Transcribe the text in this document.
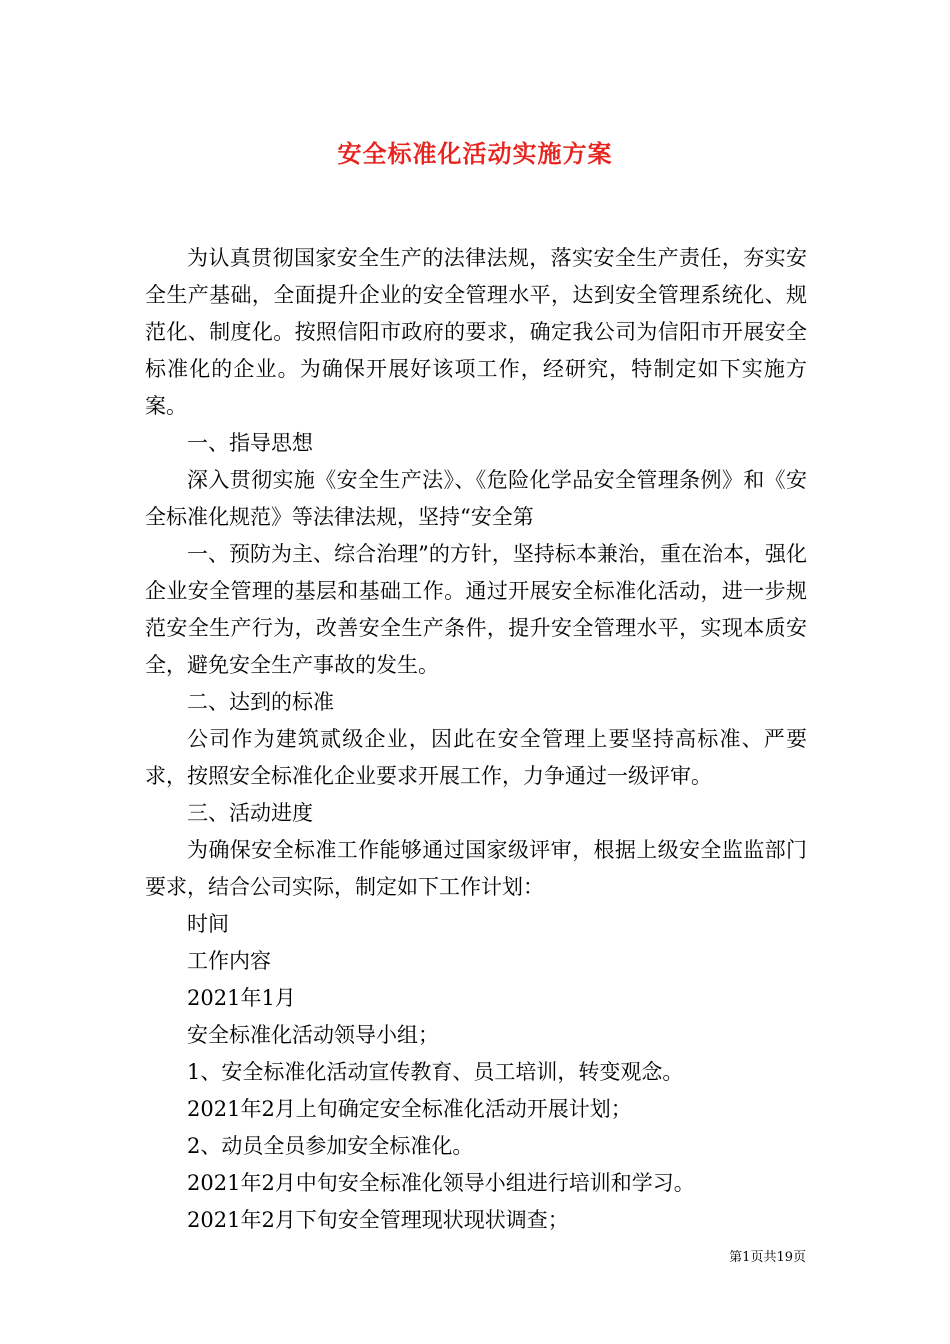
安全标准化活动实施方案

为认真贯彻国家安全生产的法律法规，落实安全生产责任，夯实安全生产基础，全面提升企业的安全管理水平，达到安全管理系统化、规范化、制度化。按照信阳市政府的要求，确定我公司为信阳市开展安全标准化的企业。为确保开展好该项工作，经研究，特制定如下实施方案。

一、指导思想

深入贯彻实施《安全生产法》、《危险化学品安全管理条例》和《安全标准化规范》等法律法规，坚持“安全第

一、预防为主、综合治理”的方针，坚持标本兼治，重在治本，强化企业安全管理的基层和基础工作。通过开展安全标准化活动，进一步规范安全生产行为，改善安全生产条件，提升安全管理水平，实现本质安全，避免安全生产事故的发生。

二、达到的标准

公司作为建筑贰级企业，因此在安全管理上要坚持高标准、严要求，按照安全标准化企业要求开展工作，力争通过一级评审。

三、活动进度

为确保安全标准工作能够通过国家级评审，根据上级安全监监部门要求，结合公司实际，制定如下工作计划：

时间

工作内容

2021年1月

安全标准化活动领导小组；

1、安全标准化活动宣传教育、员工培训，转变观念。

2021年2月上旬确定安全标准化活动开展计划；

2、动员全员参加安全标准化。

2021年2月中旬安全标准化领导小组进行培训和学习。

2021年2月下旬安全管理现状现状调查；

第1页共19页
